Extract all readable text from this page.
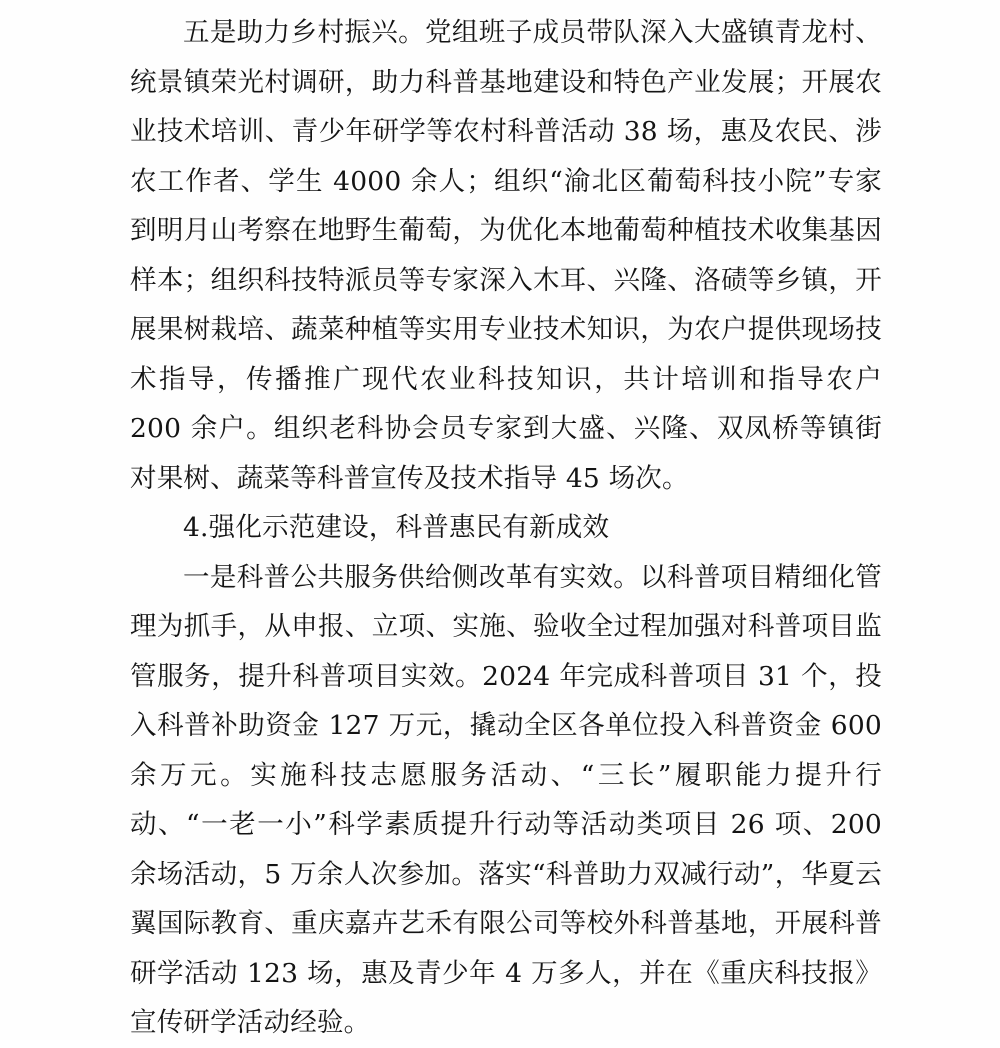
五是助力乡村振兴。党组班子成员带队深入大盛镇青龙村、统景镇荣光村调研，助力科普基地建设和特色产业发展；开展农业技术培训、青少年研学等农村科普活动 38 场，惠及农民、涉农工作者、学生 4000 余人；组织“渝北区葡萄科技小院”专家到明月山考察在地野生葡萄，为优化本地葡萄种植技术收集基因样本；组织科技特派员等专家深入木耳、兴隆、洛碛等乡镇，开展果树栽培、蔬菜种植等实用专业技术知识，为农户提供现场技术指导，传播推广现代农业科技知识，共计培训和指导农户 200 余户。组织老科协会员专家到大盛、兴隆、双凤桥等镇街对果树、蔬菜等科普宣传及技术指导 45 场次。

4.强化示范建设，科普惠民有新成效

一是科普公共服务供给侧改革有实效。以科普项目精细化管理为抓手，从申报、立项、实施、验收全过程加强对科普项目监管服务，提升科普项目实效。2024 年完成科普项目 31 个，投入科普补助资金 127 万元，撬动全区各单位投入科普资金 600 余万元。实施科技志愿服务活动、“三长”履职能力提升行动、“一老一小”科学素质提升行动等活动类项目 26 项、200 余场活动，5 万余人次参加。落实“科普助力双减行动”，华夏云翼国际教育、重庆嘉卉艺禾有限公司等校外科普基地，开展科普研学活动 123 场，惠及青少年 4 万多人，并在《重庆科技报》宣传研学活动经验。
